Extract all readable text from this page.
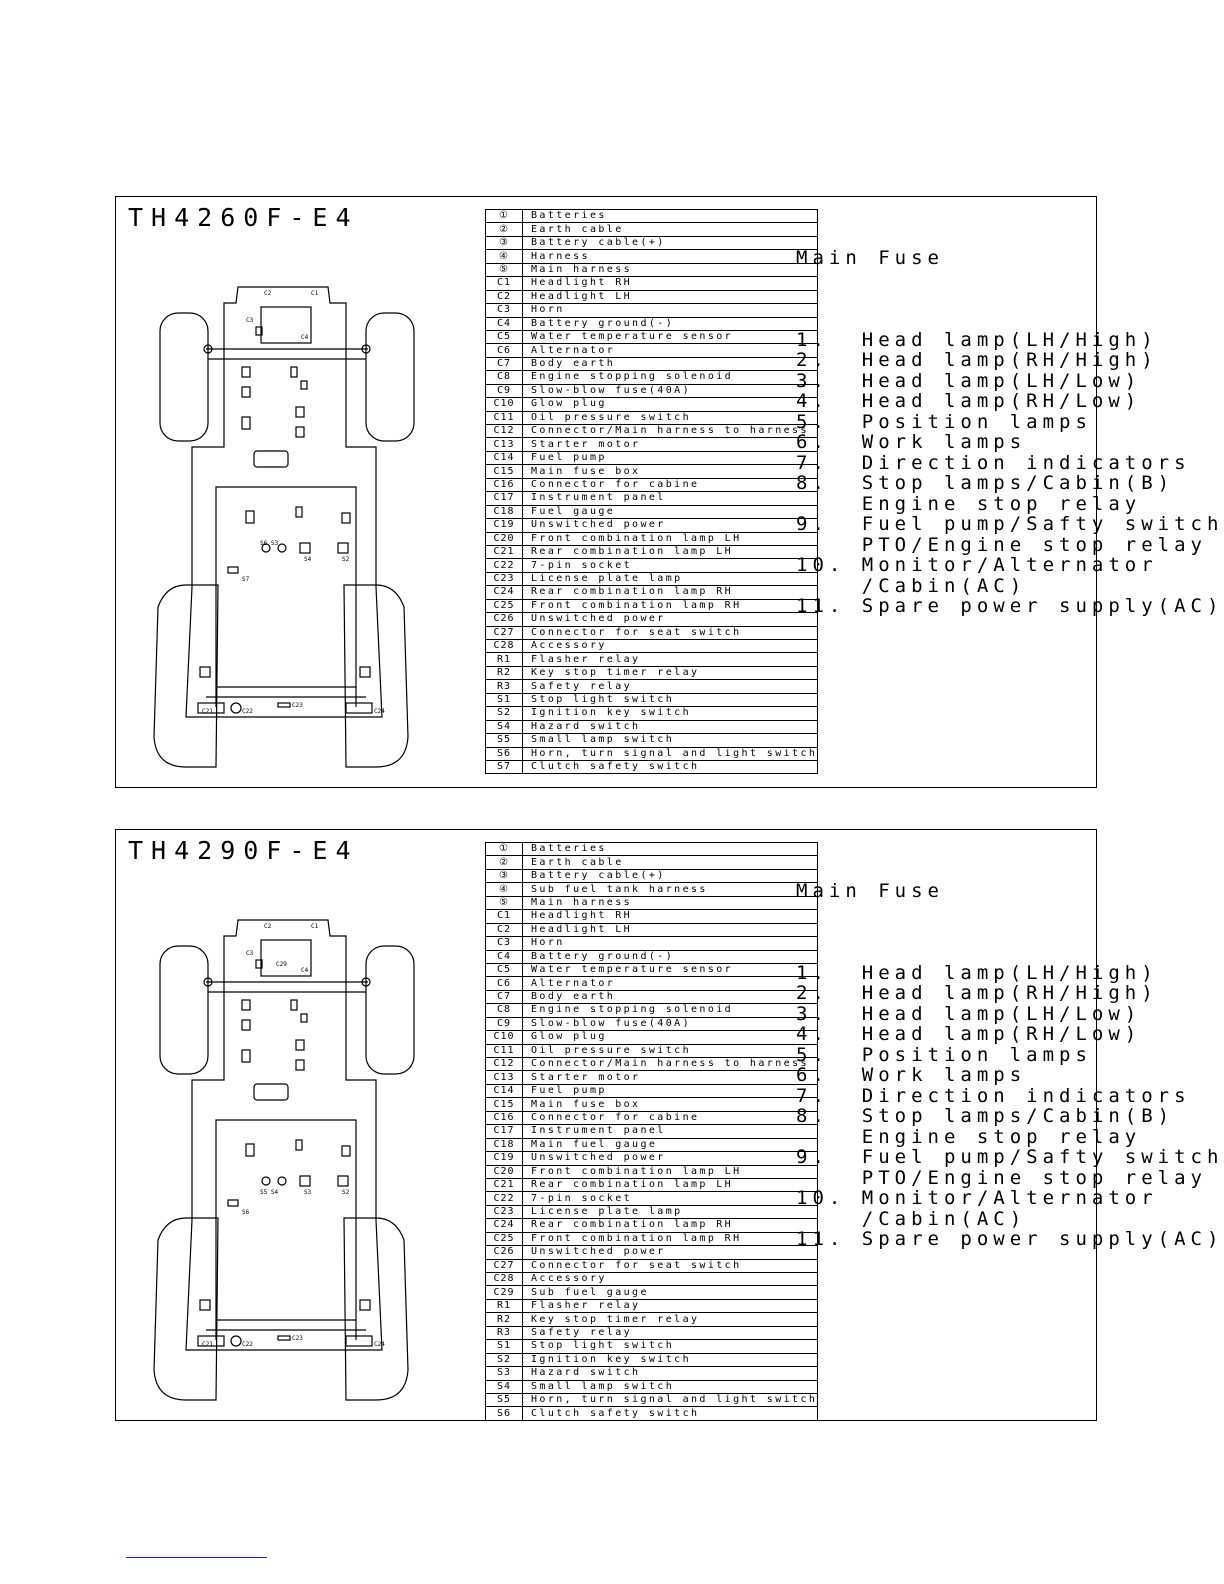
TH4260F-E4
C2	C1
C3
C4
S6 S3
S4	S2
C21	C22
C23
C24
S7
①	Batteries
②	Earth cable
③	Battery cable(+)
④	Harness
⑤	Main harness
C1	Headlight RH
C2	Headlight LH
C3	Horn
C4	Battery ground(-)
C5	Water temperature sensor
C6	Alternator
C7	Body earth
C8	Engine stopping solenoid
C9	Slow-blow fuse(40A)
C10	Glow plug
C11	Oil pressure switch
C12	Connector/Main harness to harness
C13	Starter motor
C14	Fuel pump
C15	Main fuse box
C16	Connector for cabine
C17	Instrument panel
C18	Fuel gauge
C19	Unswitched power
C20	Front combination lamp LH
C21	Rear combination lamp LH
C22	7-pin socket
C23	License plate lamp
C24	Rear combination lamp RH
C25	Front combination lamp RH
C26	Unswitched power
C27	Connector for seat switch
C28	Accessory
R1	Flasher relay
R2	Key stop timer relay
R3	Safety relay
S1	Stop light switch
S2	Ignition key switch
S4	Hazard switch
S5	Small lamp switch
S6	Horn, turn signal and light switch
S7	Clutch safety switch

Main Fuse

1.  Head lamp(LH/High)
2.  Head lamp(RH/High)
3.  Head lamp(LH/Low)
4.  Head lamp(RH/Low)
5.  Position lamps
6.  Work lamps
7.  Direction indicators
8.  Stop lamps/Cabin(B)
Engine stop relay
9.  Fuel pump/Safty switch
PTO/Engine stop relay
10. Monitor/Alternator
/Cabin(AC)
11. Spare power supply(AC)

TH4290F-E4
C2	C1
C3
C29
C4
S5 S4	S3	S2
C21	C22
C23
C24
S6
①	Batteries
②	Earth cable
③	Battery cable(+)
④	Sub fuel tank harness
⑤	Main harness
C1	Headlight RH
C2	Headlight LH
C3	Horn
C4	Battery ground(-)
C5	Water temperature sensor
C6	Alternator
C7	Body earth
C8	Engine stopping solenoid
C9	Slow-blow fuse(40A)
C10	Glow plug
C11	Oil pressure switch
C12	Connector/Main harness to harness
C13	Starter motor
C14	Fuel pump
C15	Main fuse box
C16	Connector for cabine
C17	Instrument panel
C18	Main fuel gauge
C19	Unswitched power
C20	Front combination lamp LH
C21	Rear combination lamp LH
C22	7-pin socket
C23	License plate lamp
C24	Rear combination lamp RH
C25	Front combination lamp RH
C26	Unswitched power
C27	Connector for seat switch
C28	Accessory
C29	Sub fuel gauge
R1	Flasher relay
R2	Key stop timer relay
R3	Safety relay
S1	Stop light switch
S2	Ignition key switch
S3	Hazard switch
S4	Small lamp switch
S5	Horn, turn signal and light switch
S6	Clutch safety switch

Main Fuse

1.  Head lamp(LH/High)
2.  Head lamp(RH/High)
3.  Head lamp(LH/Low)
4.  Head lamp(RH/Low)
5.  Position lamps
6.  Work lamps
7.  Direction indicators
8.  Stop lamps/Cabin(B)
Engine stop relay
9.  Fuel pump/Safty switch
PTO/Engine stop relay
10. Monitor/Alternator
/Cabin(AC)
11. Spare power supply(AC)
